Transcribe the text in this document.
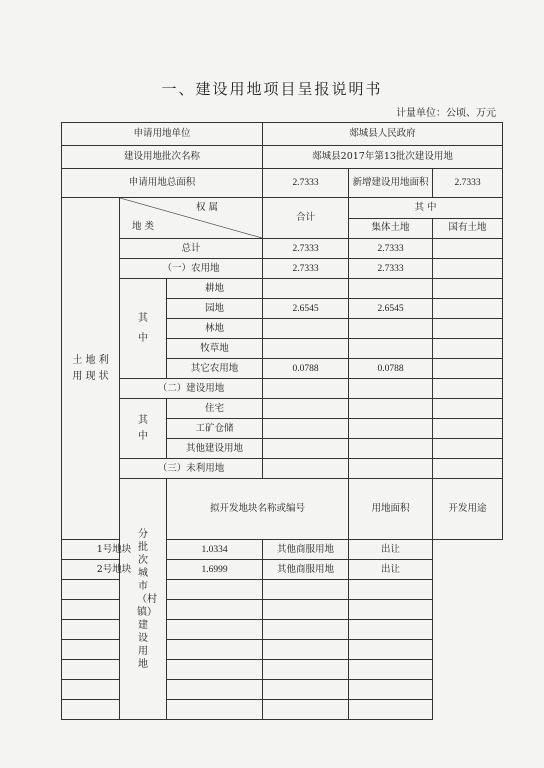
一、建设用地项目呈报说明书
计量单位：公顷、万元
申请用地单位			郯城县人民政府			
建设用地批次名称			郯城县2017年第13批次建设用地			
申请用地总面积			2.7333	新增建设用地面积	2.7333	

土 地 利 用 现 状	权 属
地 类		合计	其 中		
				集体土地	国有土地	
	总计		2.7333	2.7333		
	（一）农用地		2.7333	2.7333		

	其中	耕地				
		园地	2.6545	2.6545		
		林地				
		牧草地				
		其它农用地	0.0788	0.0788		
	（二）建设用地					

	其中	住宅				
		工矿仓储				
		其他建设用地				
	（三）未利用地					

	分批次城市（村镇）建设用地	拟开发地块名称或编号		用地面积	开发用途	
1号地块		1.0334	其他商服用地	出让		
2号地块		1.6999	其他商服用地	出让		
